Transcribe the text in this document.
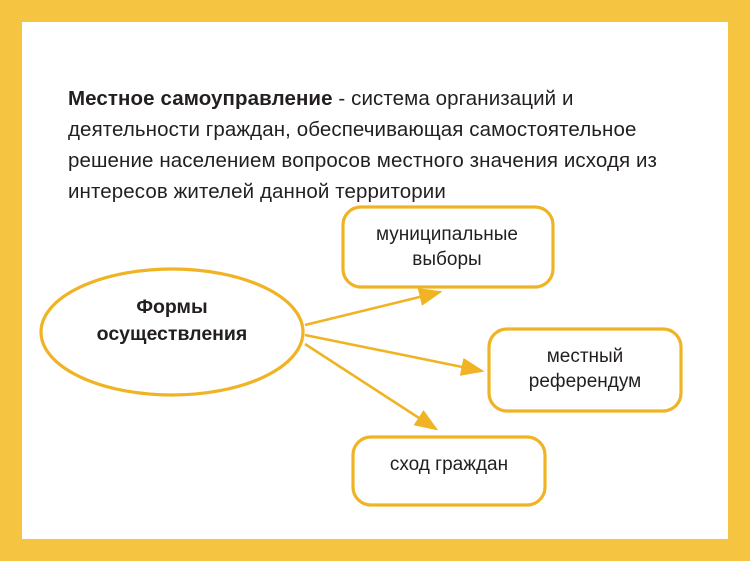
Местное самоуправление - система организаций и деятельности граждан, обеспечивающая самостоятельное решение населением вопросов местного значения исходя из интересов жителей данной территории

Формы
осуществления
муниципальные
выборы
местный
референдум
сход граждан
